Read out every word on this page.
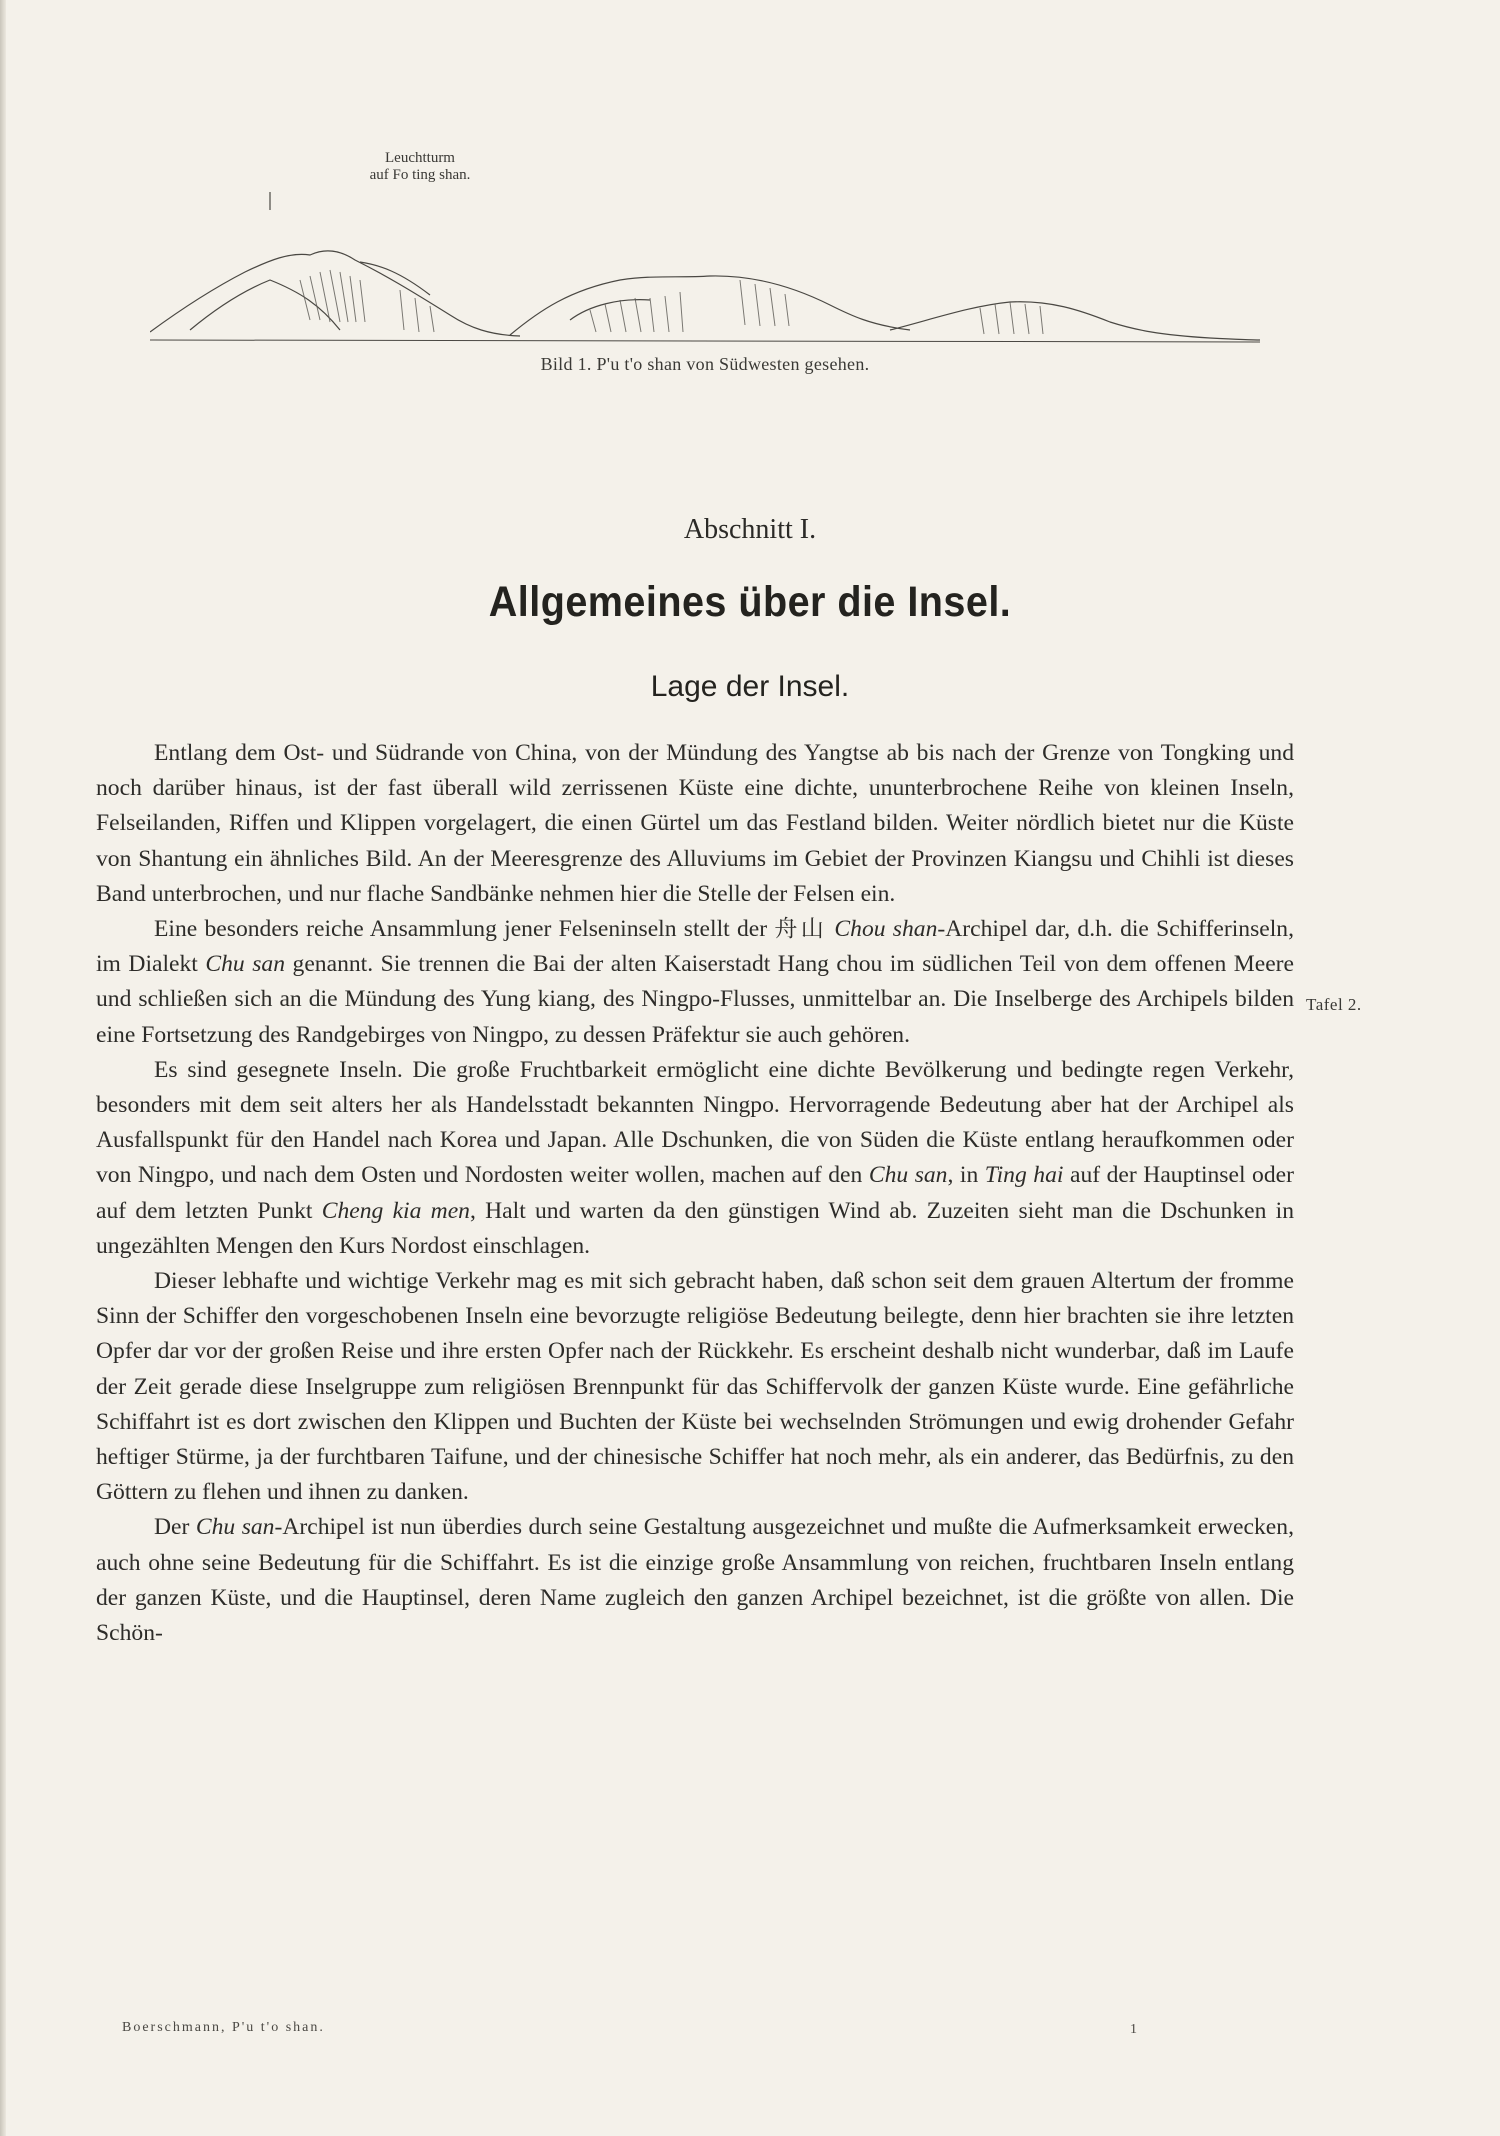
Leuchtturm
auf Fo ting shan.
Bild 1. P'u t'o shan von Südwesten gesehen.
Abschnitt I.
Allgemeines über die Insel.
Lage der Insel.

Entlang dem Ost- und Südrande von China, von der Mündung des Yangtse ab bis nach der Grenze von Tongking und noch darüber hinaus, ist der fast überall wild zerrissenen Küste eine dichte, ununterbrochene Reihe von kleinen Inseln, Felseilanden, Riffen und Klippen vorgelagert, die einen Gürtel um das Festland bilden. Weiter nördlich bietet nur die Küste von Shantung ein ähnliches Bild. An der Meeresgrenze des Alluviums im Gebiet der Provinzen Kiangsu und Chihli ist dieses Band unterbrochen, und nur flache Sandbänke nehmen hier die Stelle der Felsen ein.

Eine besonders reiche Ansammlung jener Felseninseln stellt der 舟山 Chou shan-Archipel dar, d.h. die Schifferinseln, im Dialekt Chu san genannt. Sie trennen die Bai der alten Kaiserstadt Hang chou im südlichen Teil von dem offenen Meere und schließen sich an die Mündung des Yung kiang, des Ningpo-Flusses, unmittelbar an. Die Inselberge des Archipels bilden eine Fortsetzung des Randgebirges von Ningpo, zu dessen Präfektur sie auch gehören.

Es sind gesegnete Inseln. Die große Fruchtbarkeit ermöglicht eine dichte Bevölkerung und bedingte regen Verkehr, besonders mit dem seit alters her als Handelsstadt bekannten Ningpo. Hervorragende Bedeutung aber hat der Archipel als Ausfallspunkt für den Handel nach Korea und Japan. Alle Dschunken, die von Süden die Küste entlang heraufkommen oder von Ningpo, und nach dem Osten und Nordosten weiter wollen, machen auf den Chu san, in Ting hai auf der Hauptinsel oder auf dem letzten Punkt Cheng kia men, Halt und warten da den günstigen Wind ab. Zuzeiten sieht man die Dschunken in ungezählten Mengen den Kurs Nordost einschlagen.

Dieser lebhafte und wichtige Verkehr mag es mit sich gebracht haben, daß schon seit dem grauen Altertum der fromme Sinn der Schiffer den vorgeschobenen Inseln eine bevorzugte religiöse Bedeutung beilegte, denn hier brachten sie ihre letzten Opfer dar vor der großen Reise und ihre ersten Opfer nach der Rückkehr. Es erscheint deshalb nicht wunderbar, daß im Laufe der Zeit gerade diese Inselgruppe zum religiösen Brennpunkt für das Schiffervolk der ganzen Küste wurde. Eine gefährliche Schiffahrt ist es dort zwischen den Klippen und Buchten der Küste bei wechselnden Strömungen und ewig drohender Gefahr heftiger Stürme, ja der furchtbaren Taifune, und der chinesische Schiffer hat noch mehr, als ein anderer, das Bedürfnis, zu den Göttern zu flehen und ihnen zu danken.

Der Chu san-Archipel ist nun überdies durch seine Gestaltung ausgezeichnet und mußte die Aufmerksamkeit erwecken, auch ohne seine Bedeutung für die Schiffahrt. Es ist die einzige große Ansammlung von reichen, fruchtbaren Inseln entlang der ganzen Küste, und die Hauptinsel, deren Name zugleich den ganzen Archipel bezeichnet, ist die größte von allen. Die Schön-

Tafel 2.
Boerschmann, P'u t'o shan.	1
